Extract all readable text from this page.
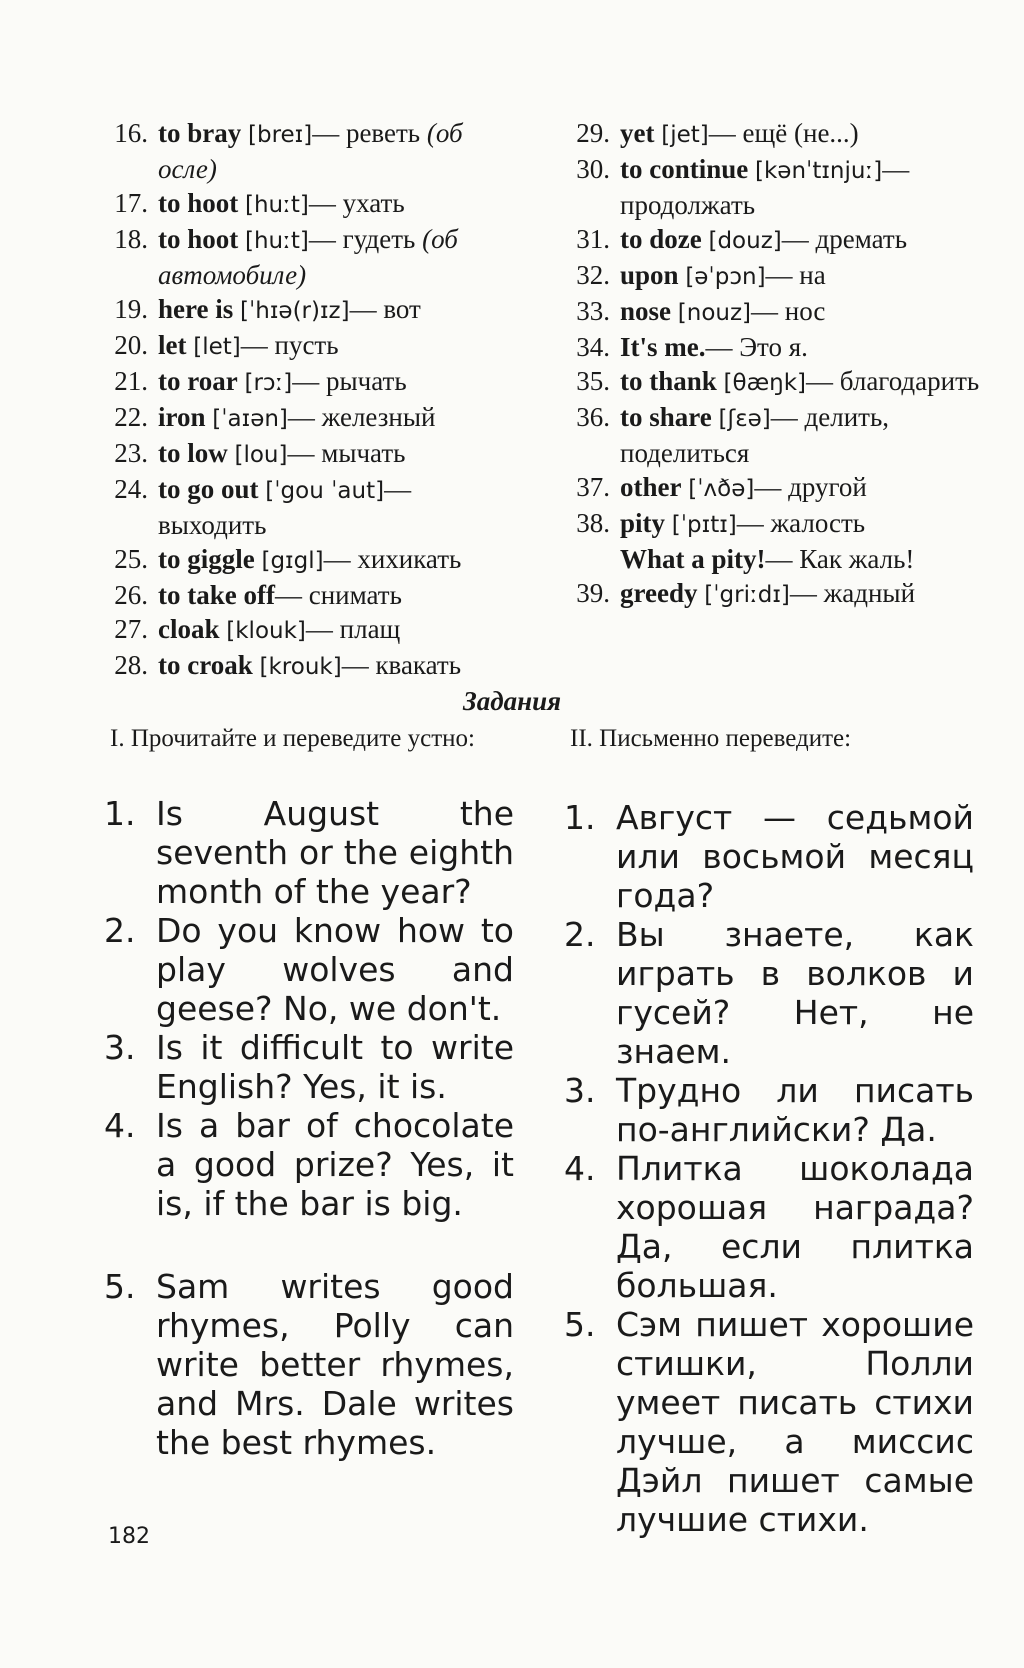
16. to bray [breɪ]— реветь (об осле)
17. to hoot [huːt]— ухать
18. to hoot [huːt]— гудеть (об автомобиле)
19. here is [ˈhɪə(r)ɪz]— вот
20. let [let]— пусть
21. to roar [rɔː]— рычать
22. iron [ˈaɪən]— железный
23. to low [lou]— мычать
24. to go out [ˈgou ˈaut]— выходить
25. to giggle [gɪgl]— хихикать
26. to take off— снимать
27. cloak [klouk]— плащ
28. to croak [krouk]— квакать
29. yet [jet]— ещё (не...)
30. to continue [kənˈtɪnjuː]— продолжать
31. to doze [douz]— дремать
32. upon [əˈpɔn]— на
33. nose [nouz]— нос
34. It's me.— Это я.
35. to thank [θæŋk]— благодарить
36. to share [ʃɛə]— делить, поделиться
37. other [ˈʌðə]— другой
38. pity [ˈpɪtɪ]— жалость
What a pity!— Как жаль!
39. greedy [ˈgriːdɪ]— жадный
Задания
I. Прочитайте и переведите устно:	II. Письменно переведите:
1. Is August the seventh or the eighth month of the year?
2. Do you know how to play wolves and geese? No, we don't.
3. Is it difficult to write English? Yes, it is.
4. Is a bar of chocolate a good prize? Yes, it is, if the bar is big.
5. Sam writes good rhymes, Polly can write better rhymes, and Mrs. Dale writes the best rhymes.
1. Август — седьмой или восьмой месяц года?
2. Вы знаете, как играть в волков и гусей? Нет, не знаем.
3. Трудно ли писать по-английски? Да.
4. Плитка шоколада хорошая награда? Да, если плитка большая.
5. Сэм пишет хорошие стишки, Полли умеет писать стихи лучше, а миссис Дэйл пишет самые лучшие стихи.
182
